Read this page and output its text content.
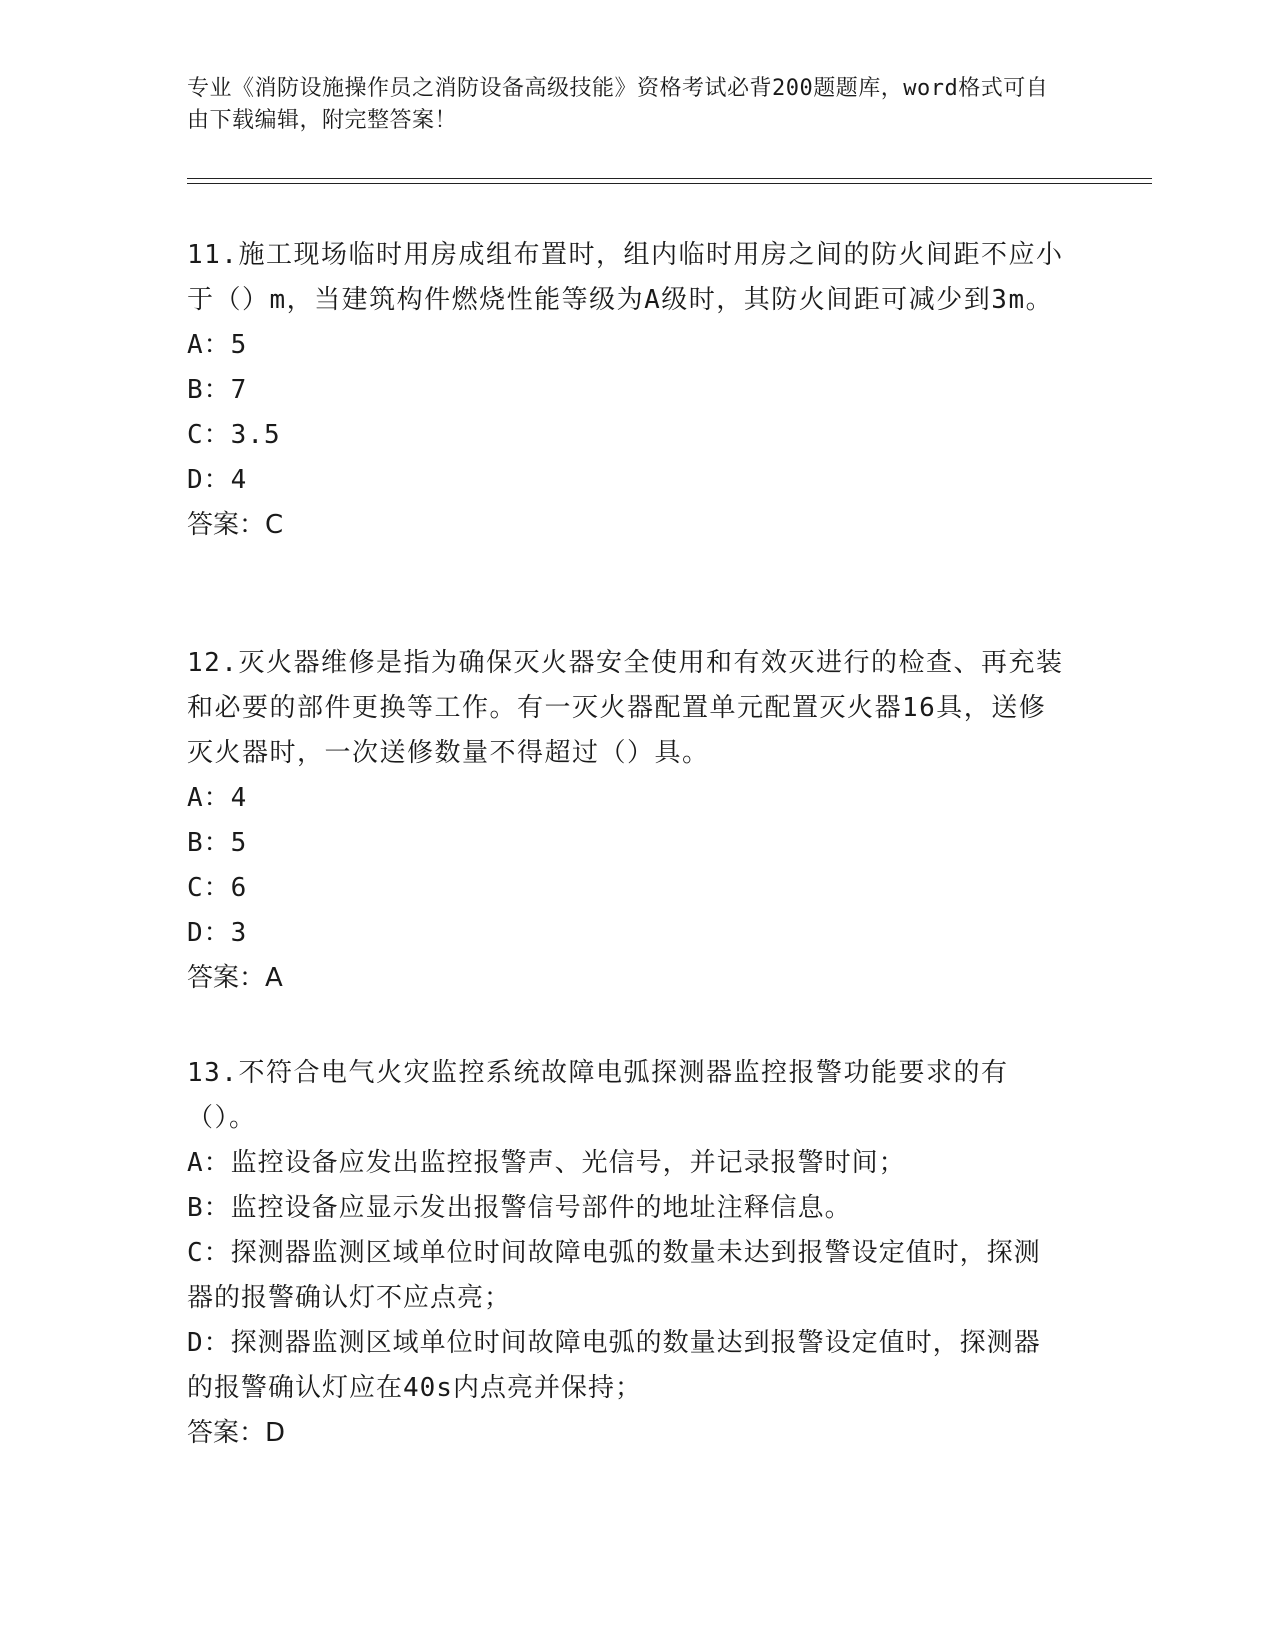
专业《消防设施操作员之消防设备高级技能》资格考试必背200题题库，word格式可自由下载编辑，附完整答案！

11.施工现场临时用房成组布置时，组内临时用房之间的防火间距不应小于（）m，当建筑构件燃烧性能等级为A级时，其防火间距可减少到3m。

A：5

B：7

C：3.5

D：4

答案：C

12.灭火器维修是指为确保灭火器安全使用和有效灭进行的检查、再充装和必要的部件更换等工作。有一灭火器配置单元配置灭火器16具，送修灭火器时，一次送修数量不得超过（）具。

A：4

B：5

C：6

D：3

答案：A

13.不符合电气火灾监控系统故障电弧探测器监控报警功能要求的有（）。

A：监控设备应发出监控报警声、光信号，并记录报警时间；

B：监控设备应显示发出报警信号部件的地址注释信息。

C：探测器监测区域单位时间故障电弧的数量未达到报警设定值时，探测器的报警确认灯不应点亮；

D：探测器监测区域单位时间故障电弧的数量达到报警设定值时，探测器的报警确认灯应在40s内点亮并保持；

答案：D
